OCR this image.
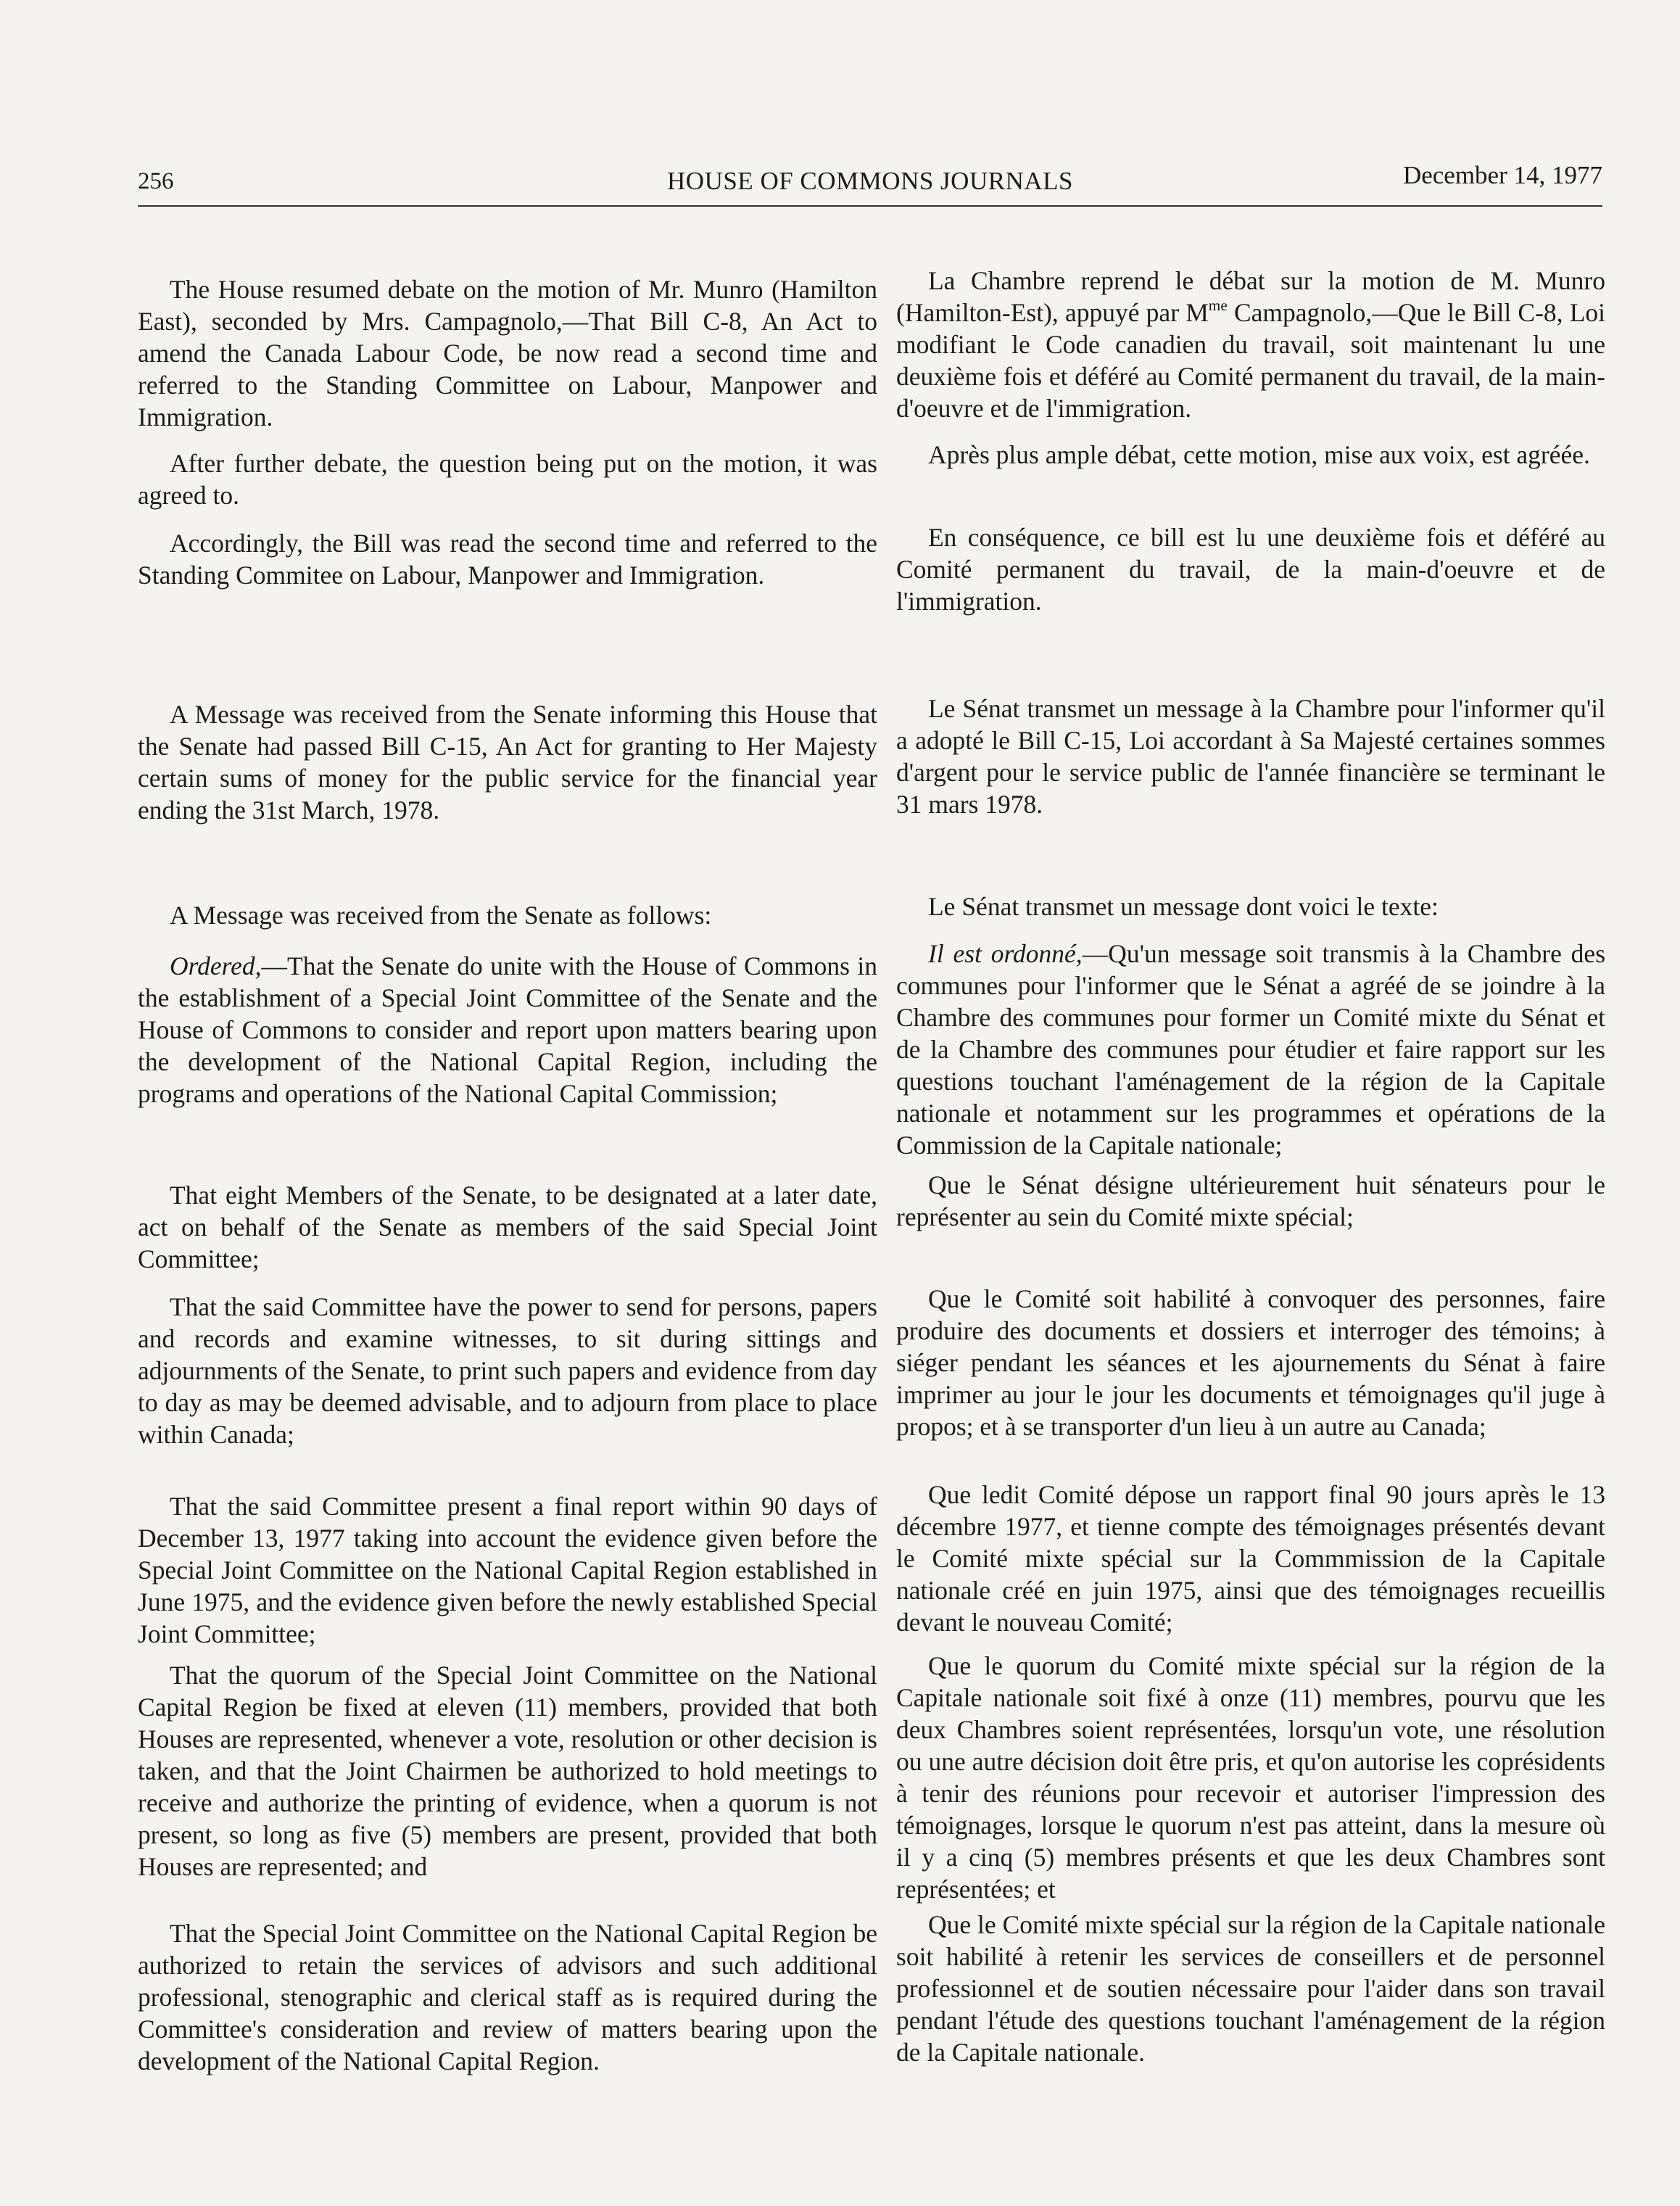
256	HOUSE OF COMMONS JOURNALS	December 14, 1977

The House resumed debate on the motion of Mr. Munro (Hamilton East), seconded by Mrs. Campagnolo,—That Bill C-8, An Act to amend the Canada Labour Code, be now read a second time and referred to the Standing Committee on Labour, Manpower and Immigration.

After further debate, the question being put on the motion, it was agreed to.

Accordingly, the Bill was read the second time and referred to the Standing Commitee on Labour, Manpower and Immigration.

A Message was received from the Senate informing this House that the Senate had passed Bill C-15, An Act for granting to Her Majesty certain sums of money for the public service for the financial year ending the 31st March, 1978.

A Message was received from the Senate as follows:

Ordered,—That the Senate do unite with the House of Commons in the establishment of a Special Joint Committee of the Senate and the House of Commons to consider and report upon matters bearing upon the development of the National Capital Region, including the programs and operations of the National Capital Commission;

That eight Members of the Senate, to be designated at a later date, act on behalf of the Senate as members of the said Special Joint Committee;

That the said Committee have the power to send for persons, papers and records and examine witnesses, to sit during sittings and adjournments of the Senate, to print such papers and evidence from day to day as may be deemed advisable, and to adjourn from place to place within Canada;

That the said Committee present a final report within 90 days of December 13, 1977 taking into account the evidence given before the Special Joint Committee on the National Capital Region established in June 1975, and the evidence given before the newly established Special Joint Committee;

That the quorum of the Special Joint Committee on the National Capital Region be fixed at eleven (11) members, provided that both Houses are represented, whenever a vote, resolution or other decision is taken, and that the Joint Chairmen be authorized to hold meetings to receive and authorize the printing of evidence, when a quorum is not present, so long as five (5) members are present, provided that both Houses are represented; and

That the Special Joint Committee on the National Capital Region be authorized to retain the services of advisors and such additional professional, stenographic and clerical staff as is required during the Committee's consideration and review of matters bearing upon the development of the National Capital Region.

La Chambre reprend le débat sur la motion de M. Munro (Hamilton-Est), appuyé par $M^{me}$ Campagnolo,—Que le Bill C-8, Loi modifiant le Code canadien du travail, soit maintenant lu une deuxième fois et déféré au Comité permanent du travail, de la main-d'oeuvre et de l'immigration.

Après plus ample débat, cette motion, mise aux voix, est agréée.

En conséquence, ce bill est lu une deuxième fois et déféré au Comité permanent du travail, de la main-d'oeuvre et de l'immigration.

Le Sénat transmet un message à la Chambre pour l'informer qu'il a adopté le Bill C-15, Loi accordant à Sa Majesté certaines sommes d'argent pour le service public de l'année financière se terminant le 31 mars 1978.

Le Sénat transmet un message dont voici le texte:

Il est ordonné,—Qu'un message soit transmis à la Chambre des communes pour l'informer que le Sénat a agréé de se joindre à la Chambre des communes pour former un Comité mixte du Sénat et de la Chambre des communes pour étudier et faire rapport sur les questions touchant l'aménagement de la région de la Capitale nationale et notamment sur les programmes et opérations de la Commission de la Capitale nationale;

Que le Sénat désigne ultérieurement huit sénateurs pour le représenter au sein du Comité mixte spécial;

Que le Comité soit habilité à convoquer des personnes, faire produire des documents et dossiers et interroger des témoins; à siéger pendant les séances et les ajournements du Sénat à faire imprimer au jour le jour les documents et témoignages qu'il juge à propos; et à se transporter d'un lieu à un autre au Canada;

Que ledit Comité dépose un rapport final 90 jours après le 13 décembre 1977, et tienne compte des témoignages présentés devant le Comité mixte spécial sur la Commmission de la Capitale nationale créé en juin 1975, ainsi que des témoignages recueillis devant le nouveau Comité;

Que le quorum du Comité mixte spécial sur la région de la Capitale nationale soit fixé à onze (11) membres, pourvu que les deux Chambres soient représentées, lorsqu'un vote, une résolution ou une autre décision doit être pris, et qu'on autorise les coprésidents à tenir des réunions pour recevoir et autoriser l'impression des témoignages, lorsque le quorum n'est pas atteint, dans la mesure où il y a cinq (5) membres présents et que les deux Chambres sont représentées; et

Que le Comité mixte spécial sur la région de la Capitale nationale soit habilité à retenir les services de conseillers et de personnel professionnel et de soutien nécessaire pour l'aider dans son travail pendant l'étude des questions touchant l'aménagement de la région de la Capitale nationale.
